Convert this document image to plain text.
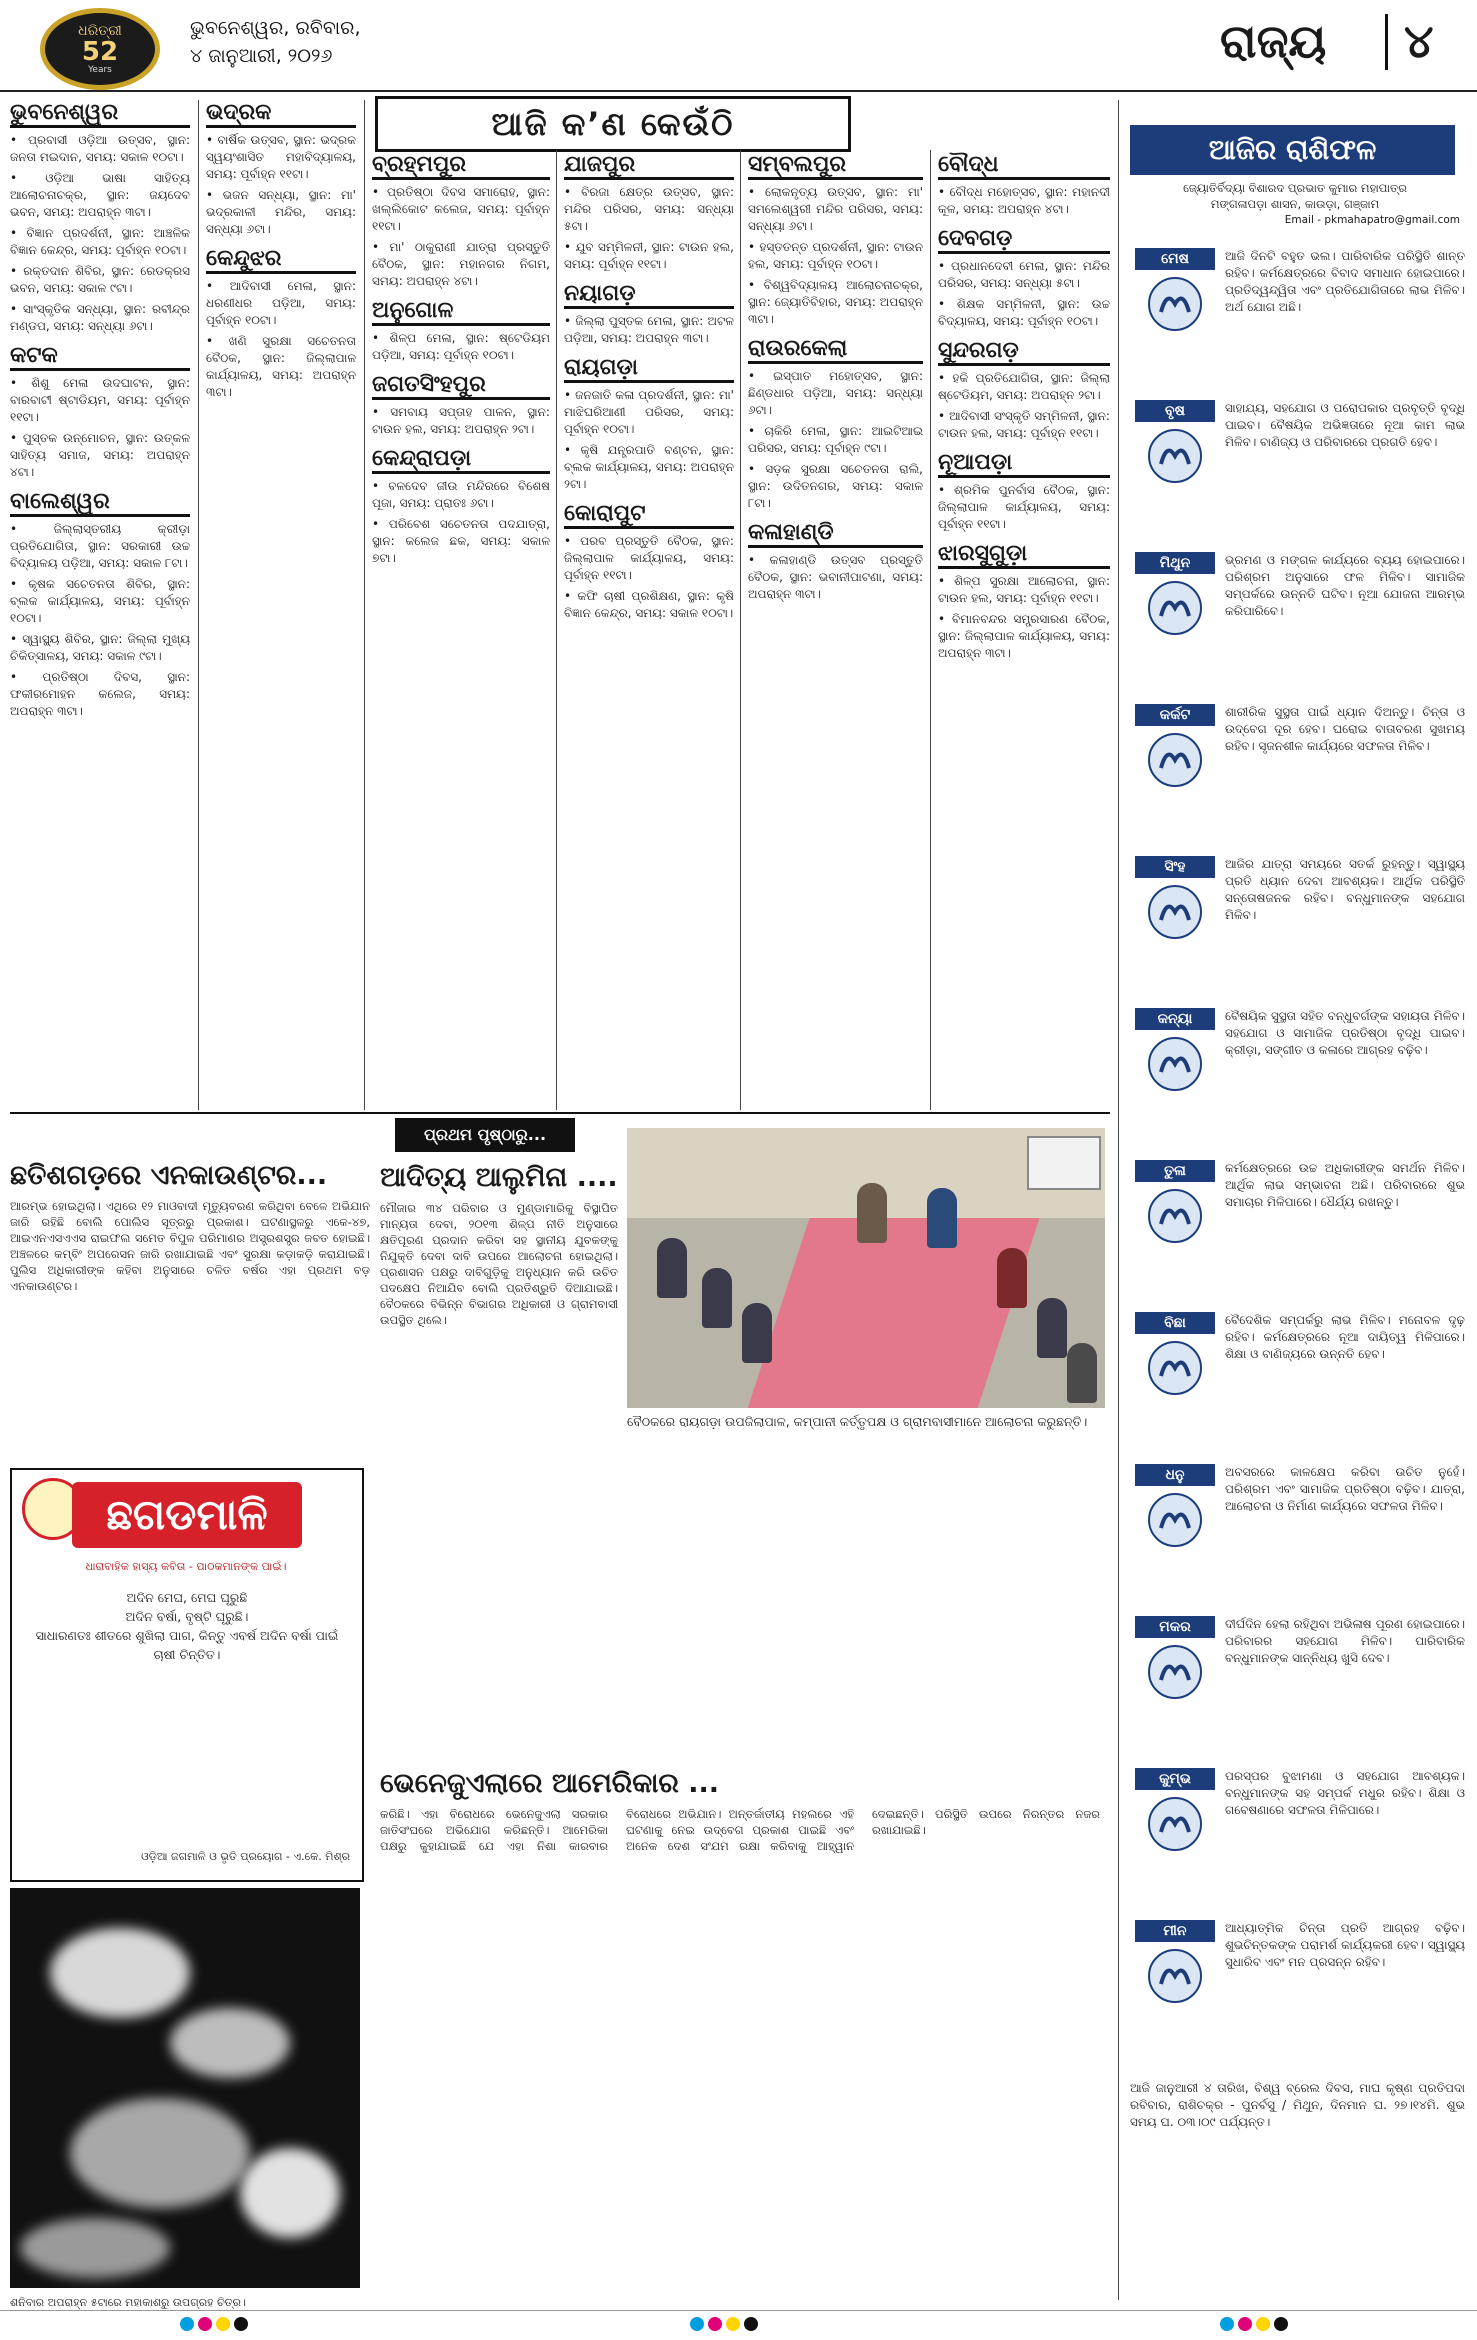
ଧରିତ୍ରୀ
52
Years
ଭୁବନେଶ୍ୱର, ରବିବାର,
୪ ଜାନୁଆରୀ, ୨୦୨୬	ରାଜ୍ୟ	୪
ଆଜି କ’ଣ କେଉଁଠି
ଭୁବନେଶ୍ୱର

• ପ୍ରବାସୀ ଓଡ଼ିଆ ଉତ୍ସବ, ସ୍ଥାନ: ଜନତା ମଇଦାନ, ସମୟ: ସକାଳ ୧୦ଟା।

• ଓଡ଼ିଆ ଭାଷା ସାହିତ୍ୟ ଆଲୋଚନାଚକ୍ର, ସ୍ଥାନ: ଜୟଦେବ ଭବନ, ସମୟ: ଅପରାହ୍ନ ୩ଟା।

• ବିଜ୍ଞାନ ପ୍ରଦର୍ଶନୀ, ସ୍ଥାନ: ଆଞ୍ଚଳିକ ବିଜ୍ଞାନ କେନ୍ଦ୍ର, ସମୟ: ପୂର୍ବାହ୍ନ ୧୦ଟା।

• ରକ୍ତଦାନ ଶିବିର, ସ୍ଥାନ: ରେଡକ୍ରସ ଭବନ, ସମୟ: ସକାଳ ୯ଟା।

• ସାଂସ୍କୃତିକ ସନ୍ଧ୍ୟା, ସ୍ଥାନ: ରବୀନ୍ଦ୍ର ମଣ୍ଡପ, ସମୟ: ସନ୍ଧ୍ୟା ୬ଟା।

କଟକ

• ଶିଶୁ ମେଳା ଉଦଘାଟନ, ସ୍ଥାନ: ବାରବାଟୀ ଷ୍ଟାଡିୟମ, ସମୟ: ପୂର୍ବାହ୍ନ ୧୧ଟା।

• ପୁସ୍ତକ ଉନ୍ମୋଚନ, ସ୍ଥାନ: ଉତ୍କଳ ସାହିତ୍ୟ ସମାଜ, ସମୟ: ଅପରାହ୍ନ ୪ଟା।

ବାଲେଶ୍ୱର

• ଜିଲ୍ଲାସ୍ତରୀୟ କ୍ରୀଡ଼ା ପ୍ରତିଯୋଗିତା, ସ୍ଥାନ: ସରକାରୀ ଉଚ୍ଚ ବିଦ୍ୟାଳୟ ପଡ଼ିଆ, ସମୟ: ସକାଳ ୮ଟା।

• କୃଷକ ସଚେତନତା ଶିବିର, ସ୍ଥାନ: ବ୍ଲକ କାର୍ଯ୍ୟାଳୟ, ସମୟ: ପୂର୍ବାହ୍ନ ୧୦ଟା।

• ସ୍ୱାସ୍ଥ୍ୟ ଶିବିର, ସ୍ଥାନ: ଜିଲ୍ଲା ମୁଖ୍ୟ ଚିକିତ୍ସାଳୟ, ସମୟ: ସକାଳ ୯ଟା।

• ପ୍ରତିଷ୍ଠା ଦିବସ, ସ୍ଥାନ: ଫକୀରମୋହନ କଲେଜ, ସମୟ: ଅପରାହ୍ନ ୩ଟା।

ଭଦ୍ରକ

• ବାର୍ଷିକ ଉତ୍ସବ, ସ୍ଥାନ: ଭଦ୍ରକ ସ୍ୱୟଂଶାସିତ ମହାବିଦ୍ୟାଳୟ, ସମୟ: ପୂର୍ବାହ୍ନ ୧୧ଟା।

• ଭଜନ ସନ୍ଧ୍ୟା, ସ୍ଥାନ: ମା' ଭଦ୍ରକାଳୀ ମନ୍ଦିର, ସମୟ: ସନ୍ଧ୍ୟା ୬ଟା।

କେନ୍ଦୁଝର

• ଆଦିବାସୀ ମେଳା, ସ୍ଥାନ: ଧରଣୀଧର ପଡ଼ିଆ, ସମୟ: ପୂର୍ବାହ୍ନ ୧୦ଟା।

• ଖଣି ସୁରକ୍ଷା ସଚେତନତା ବୈଠକ, ସ୍ଥାନ: ଜିଲ୍ଲାପାଳ କାର୍ଯ୍ୟାଳୟ, ସମୟ: ଅପରାହ୍ନ ୩ଟା।

ବ୍ରହ୍ମପୁର

• ପ୍ରତିଷ୍ଠା ଦିବସ ସମାରୋହ, ସ୍ଥାନ: ଖଲ୍ଲିକୋଟ କଲେଜ, ସମୟ: ପୂର୍ବାହ୍ନ ୧୧ଟା।

• ମା' ଠାକୁରାଣୀ ଯାତ୍ରା ପ୍ରସ୍ତୁତି ବୈଠକ, ସ୍ଥାନ: ମହାନଗର ନିଗମ, ସମୟ: ଅପରାହ୍ନ ୪ଟା।

ଅନୁଗୋଳ

• ଶିଳ୍ପ ମେଳା, ସ୍ଥାନ: ଷ୍ଟେଡିୟମ ପଡ଼ିଆ, ସମୟ: ପୂର୍ବାହ୍ନ ୧୦ଟା।

ଜଗତସିଂହପୁର

• ସମବାୟ ସପ୍ତାହ ପାଳନ, ସ୍ଥାନ: ଟାଉନ ହଲ, ସମୟ: ଅପରାହ୍ନ ୨ଟା।

କେନ୍ଦ୍ରାପଡ଼ା

• ବଳଦେବ ଜୀଉ ମନ୍ଦିରରେ ବିଶେଷ ପୂଜା, ସମୟ: ପ୍ରାତଃ ୬ଟା।

• ପରିବେଶ ସଚେତନତା ପଦଯାତ୍ରା, ସ୍ଥାନ: କଲେଜ ଛକ, ସମୟ: ସକାଳ ୭ଟା।

ଯାଜପୁର

• ବିରଜା କ୍ଷେତ୍ର ଉତ୍ସବ, ସ୍ଥାନ: ମନ୍ଦିର ପରିସର, ସମୟ: ସନ୍ଧ୍ୟା ୫ଟା।

• ଯୁବ ସମ୍ମିଳନୀ, ସ୍ଥାନ: ଟାଉନ ହଲ, ସମୟ: ପୂର୍ବାହ୍ନ ୧୧ଟା।

ନୟାଗଡ଼

• ଜିଲ୍ଲା ପୁସ୍ତକ ମେଳା, ସ୍ଥାନ: ଅଟଳ ପଡ଼ିଆ, ସମୟ: ଅପରାହ୍ନ ୩ଟା।

ରାୟଗଡ଼ା

• ଜନଜାତି କଳା ପ୍ରଦର୍ଶନୀ, ସ୍ଥାନ: ମା' ମାଝିଘରିଆଣୀ ପରିସର, ସମୟ: ପୂର୍ବାହ୍ନ ୧୦ଟା।

• କୃଷି ଯନ୍ତ୍ରପାତି ବଣ୍ଟନ, ସ୍ଥାନ: ବ୍ଲକ କାର୍ଯ୍ୟାଳୟ, ସମୟ: ଅପରାହ୍ନ ୨ଟା।

କୋରାପୁଟ

• ପରବ ପ୍ରସ୍ତୁତି ବୈଠକ, ସ୍ଥାନ: ଜିଲ୍ଲାପାଳ କାର୍ଯ୍ୟାଳୟ, ସମୟ: ପୂର୍ବାହ୍ନ ୧୧ଟା।

• କଫି ଚାଷୀ ପ୍ରଶିକ୍ଷଣ, ସ୍ଥାନ: କୃଷି ବିଜ୍ଞାନ କେନ୍ଦ୍ର, ସମୟ: ସକାଳ ୧୦ଟା।

ସମ୍ବଲପୁର

• ଲୋକନୃତ୍ୟ ଉତ୍ସବ, ସ୍ଥାନ: ମା' ସମଲେଶ୍ୱରୀ ମନ୍ଦିର ପରିସର, ସମୟ: ସନ୍ଧ୍ୟା ୬ଟା।

• ହସ୍ତତନ୍ତ ପ୍ରଦର୍ଶନୀ, ସ୍ଥାନ: ଟାଉନ ହଲ, ସମୟ: ପୂର୍ବାହ୍ନ ୧୦ଟା।

• ବିଶ୍ୱବିଦ୍ୟାଳୟ ଆଲୋଚନାଚକ୍ର, ସ୍ଥାନ: ଜ୍ୟୋତିବିହାର, ସମୟ: ଅପରାହ୍ନ ୩ଟା।

ରାଉରକେଲା

• ଇସ୍ପାତ ମହୋତ୍ସବ, ସ୍ଥାନ: ଛିଣ୍ଡଧାର ପଡ଼ିଆ, ସମୟ: ସନ୍ଧ୍ୟା ୬ଟା।

• ଚାକିରି ମେଳା, ସ୍ଥାନ: ଆଇଟିଆଇ ପରିସର, ସମୟ: ପୂର୍ବାହ୍ନ ୯ଟା।

• ସଡ଼କ ସୁରକ୍ଷା ସଚେତନତା ରାଲି, ସ୍ଥାନ: ଉଦିତନଗର, ସମୟ: ସକାଳ ୮ଟା।

କଳାହାଣ୍ଡି

• କଳାହାଣ୍ଡି ଉତ୍ସବ ପ୍ରସ୍ତୁତି ବୈଠକ, ସ୍ଥାନ: ଭବାନୀପାଟଣା, ସମୟ: ଅପରାହ୍ନ ୩ଟା।

ବୌଦ୍ଧ

• ବୌଦ୍ଧ ମହୋତ୍ସବ, ସ୍ଥାନ: ମହାନଦୀ କୂଳ, ସମୟ: ଅପରାହ୍ନ ୪ଟା।

ଦେବଗଡ଼

• ପ୍ରଧାନଦେବୀ ମେଳା, ସ୍ଥାନ: ମନ୍ଦିର ପରିସର, ସମୟ: ସନ୍ଧ୍ୟା ୫ଟା।

• ଶିକ୍ଷକ ସମ୍ମିଳନୀ, ସ୍ଥାନ: ଉଚ୍ଚ ବିଦ୍ୟାଳୟ, ସମୟ: ପୂର୍ବାହ୍ନ ୧୦ଟା।

ସୁନ୍ଦରଗଡ଼

• ହକି ପ୍ରତିଯୋଗିତା, ସ୍ଥାନ: ଜିଲ୍ଲା ଷ୍ଟେଡିୟମ, ସମୟ: ଅପରାହ୍ନ ୨ଟା।

• ଆଦିବାସୀ ସଂସ୍କୃତି ସମ୍ମିଳନୀ, ସ୍ଥାନ: ଟାଉନ ହଲ, ସମୟ: ପୂର୍ବାହ୍ନ ୧୧ଟା।

ନୂଆପଡ଼ା

• ଶ୍ରମିକ ପୁନର୍ବାସ ବୈଠକ, ସ୍ଥାନ: ଜିଲ୍ଲାପାଳ କାର୍ଯ୍ୟାଳୟ, ସମୟ: ପୂର୍ବାହ୍ନ ୧୧ଟା।

ଝାରସୁଗୁଡ଼ା

• ଶିଳ୍ପ ସୁରକ୍ଷା ଆଲୋଚନା, ସ୍ଥାନ: ଟାଉନ ହଲ, ସମୟ: ପୂର୍ବାହ୍ନ ୧୧ଟା।

• ବିମାନବନ୍ଦର ସମ୍ପ୍ରସାରଣ ବୈଠକ, ସ୍ଥାନ: ଜିଲ୍ଲାପାଳ କାର୍ଯ୍ୟାଳୟ, ସମୟ: ଅପରାହ୍ନ ୩ଟା।

ଆଜିର ରାଶିଫଳ
ଜ୍ୟୋତିର୍ବିଦ୍ୟା ବିଶାରଦ ପ୍ରଭାତ କୁମାର ମହାପାତ୍ର
ମଙ୍ଗଳାପଡ଼ା ଶାସନ, କାଉଡ଼ା, ଗଞ୍ଜାମ
Email - pkmahapatro@gmail.com
ମେଷ	ଆଜି ଦିନଟି ବହୁତ ଭଲ। ପାରିବାରିକ ପରିସ୍ଥିତି ଶାନ୍ତ ରହିବ। କର୍ମକ୍ଷେତ୍ରରେ ବିବାଦ ସମାଧାନ ହୋଇପାରେ। ପ୍ରତିଦ୍ୱନ୍ଦ୍ୱିତା ଏବଂ ପ୍ରତିଯୋଗିତାରେ ଲାଭ ମିଳିବ। ଅର୍ଥ ଯୋଗ ଅଛି।
ବୃଷ	ସାହାଯ୍ୟ, ସହଯୋଗ ଓ ପରୋପକାର ପ୍ରବୃତ୍ତି ବୃଦ୍ଧି ପାଇବ। ବୈଷୟିକ ଅଭିଜ୍ଞତାରେ ନୂଆ କାମ ଲାଭ ମିଳିବ। ବାଣିଜ୍ୟ ଓ ପରିବାରରେ ପ୍ରଗତି ହେବ।
ମିଥୁନ	ଭ୍ରମଣ ଓ ମଙ୍ଗଳ କାର୍ଯ୍ୟରେ ବ୍ୟୟ ହୋଇପାରେ। ପରିଶ୍ରମ ଅନୁସାରେ ଫଳ ମିଳିବ। ସାମାଜିକ ସମ୍ପର୍କରେ ଉନ୍ନତି ଘଟିବ। ନୂଆ ଯୋଜନା ଆରମ୍ଭ କରିପାରିବେ।
କର୍କଟ	ଶାରୀରିକ ସୁସ୍ଥତା ପାଇଁ ଧ୍ୟାନ ଦିଅନ୍ତୁ। ଚିନ୍ତା ଓ ଉଦ୍ବେଗ ଦୂର ହେବ। ଘରୋଇ ବାତାବରଣ ସୁଖମୟ ରହିବ। ସୃଜନଶୀଳ କାର୍ଯ୍ୟରେ ସଫଳତା ମିଳିବ।
ସିଂହ	ଆଜିର ଯାତ୍ରା ସମୟରେ ସତର୍କ ରୁହନ୍ତୁ। ସ୍ୱାସ୍ଥ୍ୟ ପ୍ରତି ଧ୍ୟାନ ଦେବା ଆବଶ୍ୟକ। ଆର୍ଥିକ ପରିସ୍ଥିତି ସନ୍ତୋଷଜନକ ରହିବ। ବନ୍ଧୁମାନଙ୍କ ସହଯୋଗ ମିଳିବ।
କନ୍ୟା	ବୈଷୟିକ ସୁସ୍ଥତା ସହିତ ବନ୍ଧୁବର୍ଗଙ୍କ ସହାୟତା ମିଳିବ। ସହଯୋଗ ଓ ସାମାଜିକ ପ୍ରତିଷ୍ଠା ବୃଦ୍ଧି ପାଇବ। କ୍ରୀଡ଼ା, ସଙ୍ଗୀତ ଓ କଳାରେ ଆଗ୍ରହ ବଢ଼ିବ।
ତୁଳା	କର୍ମକ୍ଷେତ୍ରରେ ଉଚ୍ଚ ଅଧିକାରୀଙ୍କ ସମର୍ଥନ ମିଳିବ। ଆର୍ଥିକ ଲାଭ ସମ୍ଭାବନା ଅଛି। ପରିବାରରେ ଶୁଭ ସମାଚାର ମିଳିପାରେ। ଧୈର୍ଯ୍ୟ ରଖନ୍ତୁ।
ବିଛା	ବୈଦେଶିକ ସମ୍ପର୍କରୁ ଲାଭ ମିଳିବ। ମନୋବଳ ଦୃଢ଼ ରହିବ। କର୍ମକ୍ଷେତ୍ରରେ ନୂଆ ଦାୟିତ୍ୱ ମିଳିପାରେ। ଶିକ୍ଷା ଓ ବାଣିଜ୍ୟରେ ଉନ୍ନତି ହେବ।
ଧନୁ	ଅବସରରେ କାଳକ୍ଷେପ କରିବା ଉଚିତ ନୁହେଁ। ପରିଶ୍ରମ ଏବଂ ସାମାଜିକ ପ୍ରତିଷ୍ଠା ବଢ଼ିବ। ଯାତ୍ରା, ଆଲୋଚନା ଓ ନିର୍ମାଣ କାର୍ଯ୍ୟରେ ସଫଳତା ମିଳିବ।
ମକର	ଦୀର୍ଘଦିନ ହେଲା ରହିଥିବା ଅଭିଳାଷ ପୂରଣ ହୋଇପାରେ। ପରିବାରର ସହଯୋଗ ମିଳିବ। ପାରିବାରିକ ବନ୍ଧୁମାନଙ୍କ ସାନ୍ନିଧ୍ୟ ଖୁସି ଦେବ।
କୁମ୍ଭ	ପରସ୍ପର ବୁଝାମଣା ଓ ସହଯୋଗ ଆବଶ୍ୟକ। ବନ୍ଧୁମାନଙ୍କ ସହ ସମ୍ପର୍କ ମଧୁର ରହିବ। ଶିକ୍ଷା ଓ ଗବେଷଣାରେ ସଫଳତା ମିଳିପାରେ।
ମୀନ	ଆଧ୍ୟାତ୍ମିକ ଚିନ୍ତା ପ୍ରତି ଆଗ୍ରହ ବଢ଼ିବ। ଶୁଭଚିନ୍ତକଙ୍କ ପରାମର୍ଶ କାର୍ଯ୍ୟକରୀ ହେବ। ସ୍ୱାସ୍ଥ୍ୟ ସୁଧାରିବ ଏବଂ ମନ ପ୍ରସନ୍ନ ରହିବ।
ଆଜି ଜାନୁଆରୀ ୪ ତାରିଖ, ବିଶ୍ୱ ବ୍ରେଲ ଦିବସ, ମାଘ କୃଷ୍ଣ ପ୍ରତିପଦା ରବିବାର, ରାଶିଚକ୍ର - ପୁନର୍ବସୁ / ମିଥୁନ, ଦିନମାନ ଘ. ୨୭।୧୪ମି. ଶୁଭ ସମୟ ଘ. ୦୩।୦୯ ପର୍ଯ୍ୟନ୍ତ।
ପ୍ରଥମ ପୃଷ୍ଠାରୁ...
ଛତିଶଗଡ଼ରେ ଏନକାଉଣ୍ଟର...
ଆରମ୍ଭ ହୋଇଥିଲା। ଏଥିରେ ୧୨ ମାଓବାଦୀ ମୃତ୍ୟୁବରଣ କରିଥିବା ବେଳେ ଅଭିଯାନ ଜାରି ରହିଛି ବୋଲି ପୋଲିସ ସୂତ୍ରରୁ ପ୍ରକାଶ। ଘଟଣାସ୍ଥଳରୁ ଏକେ-୪୭, ଆଇଏନଏସଏଏସ ରାଇଫଲ ସମେତ ବିପୁଳ ପରିମାଣର ଅସ୍ତ୍ରଶସ୍ତ୍ର ଜବତ ହୋଇଛି। ଅଞ୍ଚଳରେ କମ୍ବିଂ ଅପରେସନ ଜାରି ରଖାଯାଇଛି ଏବଂ ସୁରକ୍ଷା କଡ଼ାକଡ଼ି କରାଯାଇଛି। ପୁଲିସ ଅଧିକାରୀଙ୍କ କହିବା ଅନୁସାରେ ଚଳିତ ବର୍ଷର ଏହା ପ୍ରଥମ ବଡ଼ ଏନକାଉଣ୍ଟର।
ଆଦିତ୍ୟ ଆଲୁମିନା ....
ମୌଜାର ୩୪ ପରିବାର ଓ ମୁଣ୍ଡାମାରିକୁ ବିସ୍ଥାପିତ ମାନ୍ୟତା ଦେବା, ୨୦୧୩ ଶିଳ୍ପ ନୀତି ଅନୁସାରେ କ୍ଷତିପୂରଣ ପ୍ରଦାନ କରିବା ସହ ସ୍ଥାନୀୟ ଯୁବକଙ୍କୁ ନିଯୁକ୍ତି ଦେବା ଦାବି ଉପରେ ଆଲୋଚନା ହୋଇଥିଲା। ପ୍ରଶାସନ ପକ୍ଷରୁ ଦାବିଗୁଡ଼ିକୁ ଅନୁଧ୍ୟାନ କରି ଉଚିତ ପଦକ୍ଷେପ ନିଆଯିବ ବୋଲି ପ୍ରତିଶ୍ରୁତି ଦିଆଯାଇଛି। ବୈଠକରେ ବିଭିନ୍ନ ବିଭାଗର ଅଧିକାରୀ ଓ ଗ୍ରାମବାସୀ ଉପସ୍ଥିତ ଥିଲେ।
ବୈଠକରେ ରାୟଗଡ଼ା ଉପଜିଲାପାଳ, କମ୍ପାନୀ କର୍ତ୍ତୃପକ୍ଷ ଓ ଗ୍ରାମବାସୀମାନେ ଆଲୋଚନା କରୁଛନ୍ତି।
ଭେନେଜୁଏଲାରେ ଆମେରିକାର ...
କରିଛି। ଏହା ବିରୋଧରେ ଭେନେଜୁଏଲା ସରକାର ଜାତିସଂଘରେ ଅଭିଯୋଗ କରିଛନ୍ତି। ଆମେରିକା ପକ୍ଷରୁ କୁହାଯାଇଛି ଯେ ଏହା ନିଶା କାରବାର ବିରୋଧରେ ଅଭିଯାନ। ଅନ୍ତର୍ଜାତୀୟ ମହଲରେ ଏହି ଘଟଣାକୁ ନେଇ ଉଦ୍ବେଗ ପ୍ରକାଶ ପାଇଛି ଏବଂ ଅନେକ ଦେଶ ସଂଯମ ରକ୍ଷା କରିବାକୁ ଆହ୍ୱାନ ଦେଇଛନ୍ତି। ପରିସ୍ଥିତି ଉପରେ ନିରନ୍ତର ନଜର ରଖାଯାଇଛି।
ଛଗଡମାଳି
ଧାରାବାହିକ ହାସ୍ୟ କବିତା - ପାଠକମାନଙ୍କ ପାଇଁ।
ଅଦିନ ମେଘ, ମେଘ ଘୂରୁଛି
ଅଦିନ ବର୍ଷା, ବୃଷ୍ଟି ଘୂରୁଛି।
ସାଧାରଣତଃ ଶୀତରେ ଶୁଖିଲା ପାଗ, କିନ୍ତୁ ଏବର୍ଷ ଅଦିନ ବର୍ଷା ପାଇଁ ଚାଷୀ ଚିନ୍ତିତ।
ଓଡ଼ିଆ ଜଗମାଳି ଓ ଭୃତି ପ୍ରୟୋଗ - ଏ.କେ. ମିଶ୍ର
ଶନିବାର ଅପରାହ୍ନ ୫ଟାରେ ମହାକାଶରୁ ଉପଗ୍ରହ ଚିତ୍ର।
